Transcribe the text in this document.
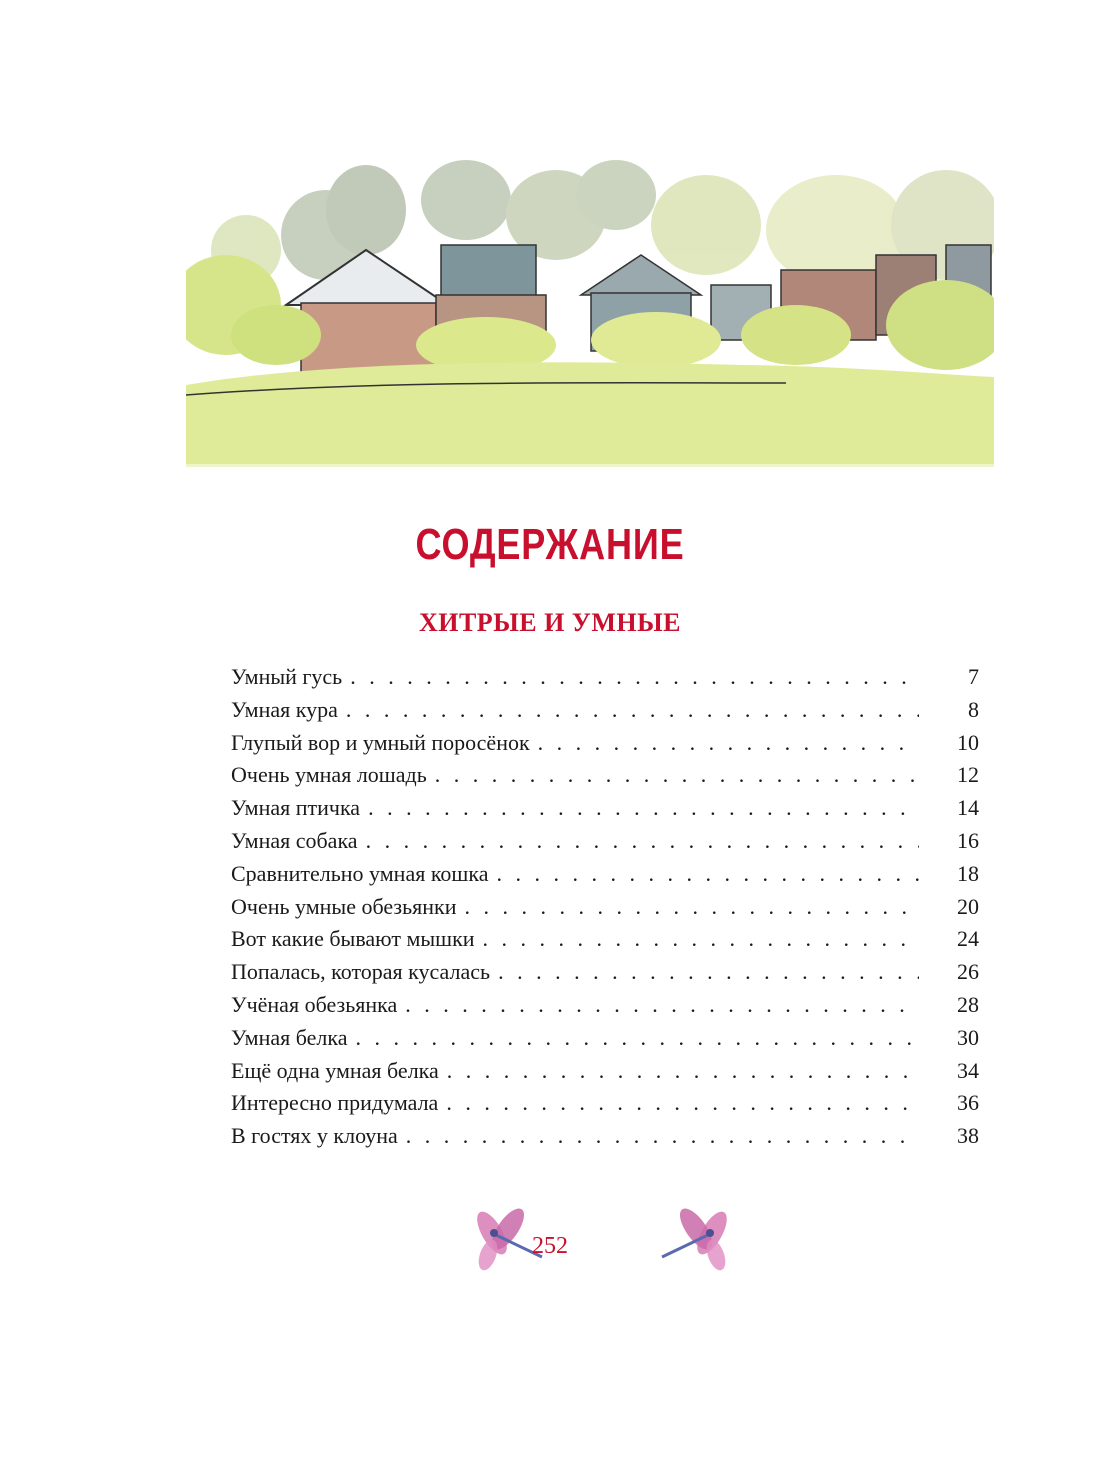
СОДЕРЖАНИЕ
ХИТРЫЕ И УМНЫЕ
Умный гусь . . .	7
Умная кура . . .	8
Глупый вор и умный поросёнок . . .	10
Очень умная лошадь . . .	12
Умная птичка . . .	14
Умная собака . . .	16
Сравнительно умная кошка . . .	18
Очень умные обезьянки . . .	20
Вот какие бывают мышки . . .	24
Попалась, которая кусалась . . .	26
Учёная обезьянка . . .	28
Умная белка . . .	30
Ещё одна умная белка . . .	34
Интересно придумала . . .	36
В гостях у клоуна . . .	38
252
